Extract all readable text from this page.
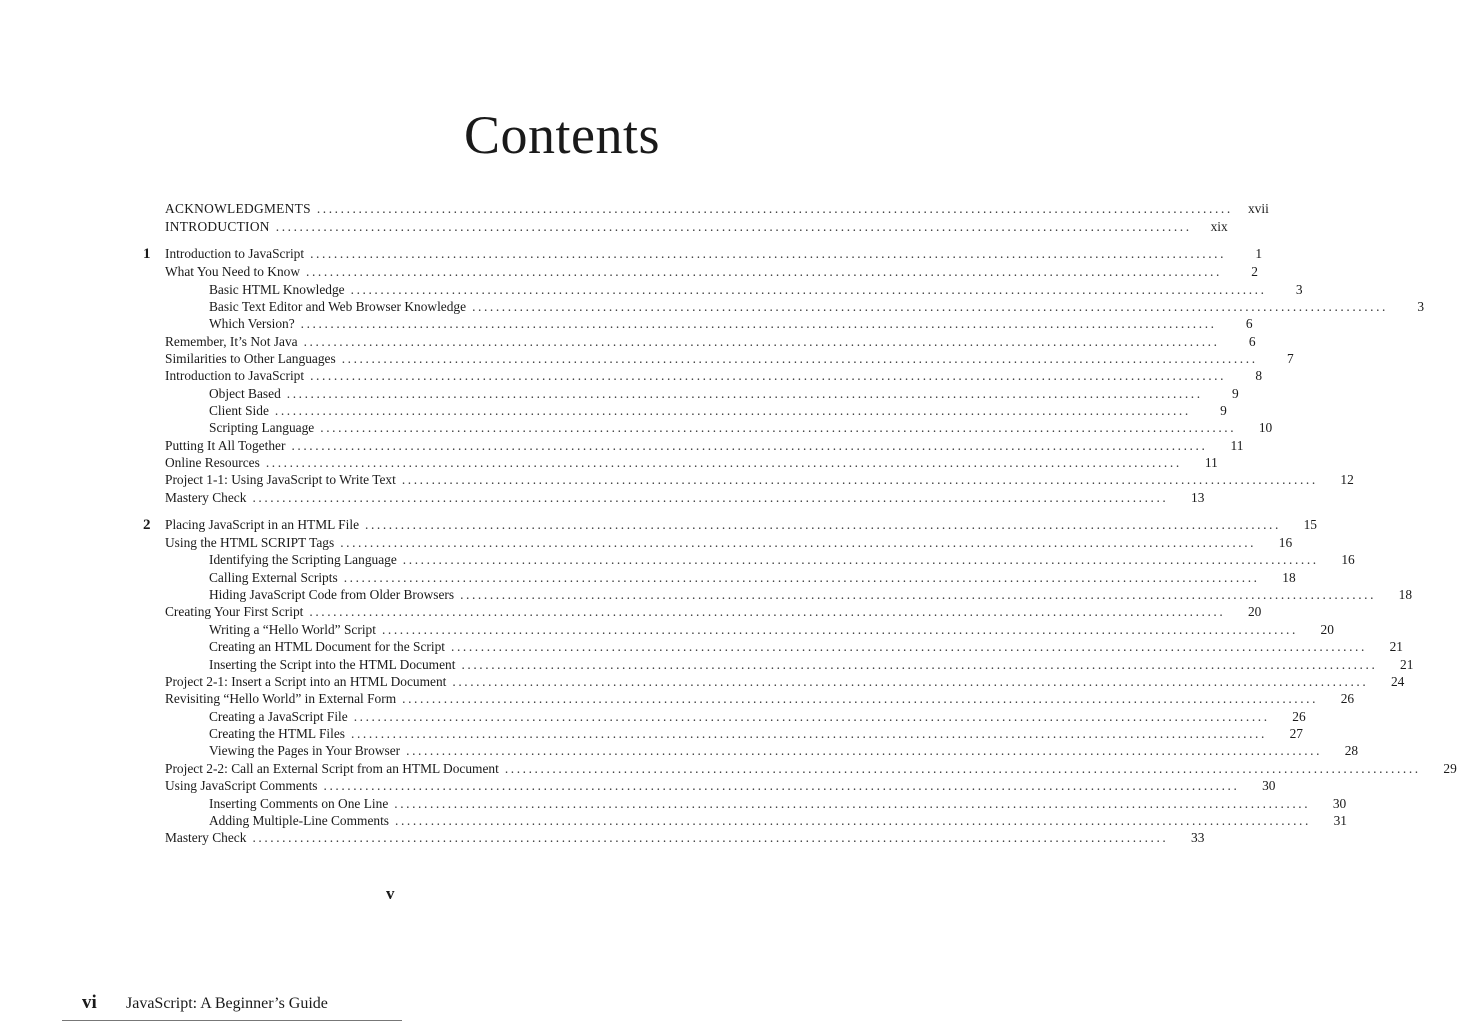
Contents
ACKNOWLEDGMENTS ..........................................................................................................................................................	xvii
INTRODUCTION ..........................................................................................................................................................	xix
1 Introduction to JavaScript ..........................................................................................................................................................	1
What You Need to Know ..........................................................................................................................................................	2
Basic HTML Knowledge ..........................................................................................................................................................	3
Basic Text Editor and Web Browser Knowledge ..........................................................................................................................................................	3
Which Version? ..........................................................................................................................................................	6
Remember, It’s Not Java ..........................................................................................................................................................	6
Similarities to Other Languages ..........................................................................................................................................................	7
Introduction to JavaScript ..........................................................................................................................................................	8
Object Based ..........................................................................................................................................................	9
Client Side ..........................................................................................................................................................	9
Scripting Language ..........................................................................................................................................................	10
Putting It All Together ..........................................................................................................................................................	11
Online Resources ..........................................................................................................................................................	11
Project 1-1: Using JavaScript to Write Text ..........................................................................................................................................................	12
Mastery Check ..........................................................................................................................................................	13
2 Placing JavaScript in an HTML File ..........................................................................................................................................................	15
Using the HTML SCRIPT Tags ..........................................................................................................................................................	16
Identifying the Scripting Language ..........................................................................................................................................................	16
Calling External Scripts ..........................................................................................................................................................	18
Hiding JavaScript Code from Older Browsers ..........................................................................................................................................................	18
Creating Your First Script ..........................................................................................................................................................	20
Writing a “Hello World” Script ..........................................................................................................................................................	20
Creating an HTML Document for the Script ..........................................................................................................................................................	21
Inserting the Script into the HTML Document ..........................................................................................................................................................	21
Project 2-1: Insert a Script into an HTML Document ..........................................................................................................................................................	24
Revisiting “Hello World” in External Form ..........................................................................................................................................................	26
Creating a JavaScript File ..........................................................................................................................................................	26
Creating the HTML Files ..........................................................................................................................................................	27
Viewing the Pages in Your Browser ..........................................................................................................................................................	28
Project 2-2: Call an External Script from an HTML Document ..........................................................................................................................................................	29
Using JavaScript Comments ..........................................................................................................................................................	30
Inserting Comments on One Line ..........................................................................................................................................................	30
Adding Multiple-Line Comments ..........................................................................................................................................................	31
Mastery Check ..........................................................................................................................................................	33
v
vi JavaScript: A Beginner’s Guide
